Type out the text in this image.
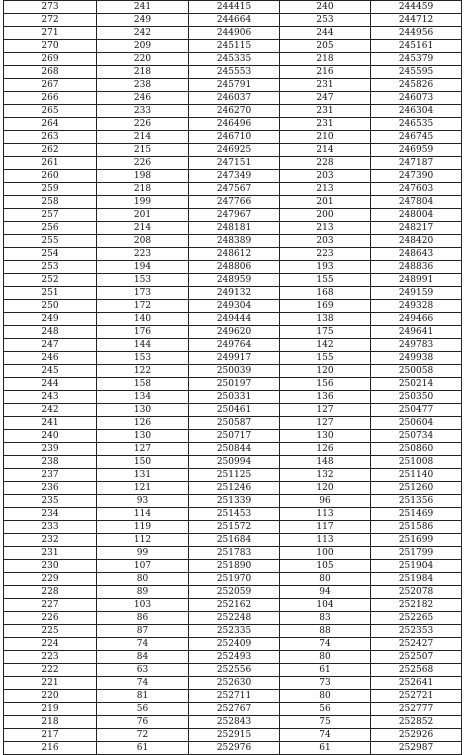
273	241	244415	240	244459
272	249	244664	253	244712
271	242	244906	244	244956
270	209	245115	205	245161
269	220	245335	218	245379
268	218	245553	216	245595
267	238	245791	231	245826
266	246	246037	247	246073
265	233	246270	231	246304
264	226	246496	231	246535
263	214	246710	210	246745
262	215	246925	214	246959
261	226	247151	228	247187
260	198	247349	203	247390
259	218	247567	213	247603
258	199	247766	201	247804
257	201	247967	200	248004
256	214	248181	213	248217
255	208	248389	203	248420
254	223	248612	223	248643
253	194	248806	193	248836
252	153	248959	155	248991
251	173	249132	168	249159
250	172	249304	169	249328
249	140	249444	138	249466
248	176	249620	175	249641
247	144	249764	142	249783
246	153	249917	155	249938
245	122	250039	120	250058
244	158	250197	156	250214
243	134	250331	136	250350
242	130	250461	127	250477
241	126	250587	127	250604
240	130	250717	130	250734
239	127	250844	126	250860
238	150	250994	148	251008
237	131	251125	132	251140
236	121	251246	120	251260
235	93	251339	96	251356
234	114	251453	113	251469
233	119	251572	117	251586
232	112	251684	113	251699
231	99	251783	100	251799
230	107	251890	105	251904
229	80	251970	80	251984
228	89	252059	94	252078
227	103	252162	104	252182
226	86	252248	83	252265
225	87	252335	88	252353
224	74	252409	74	252427
223	84	252493	80	252507
222	63	252556	61	252568
221	74	252630	73	252641
220	81	252711	80	252721
219	56	252767	56	252777
218	76	252843	75	252852
217	72	252915	74	252926
216	61	252976	61	252987
